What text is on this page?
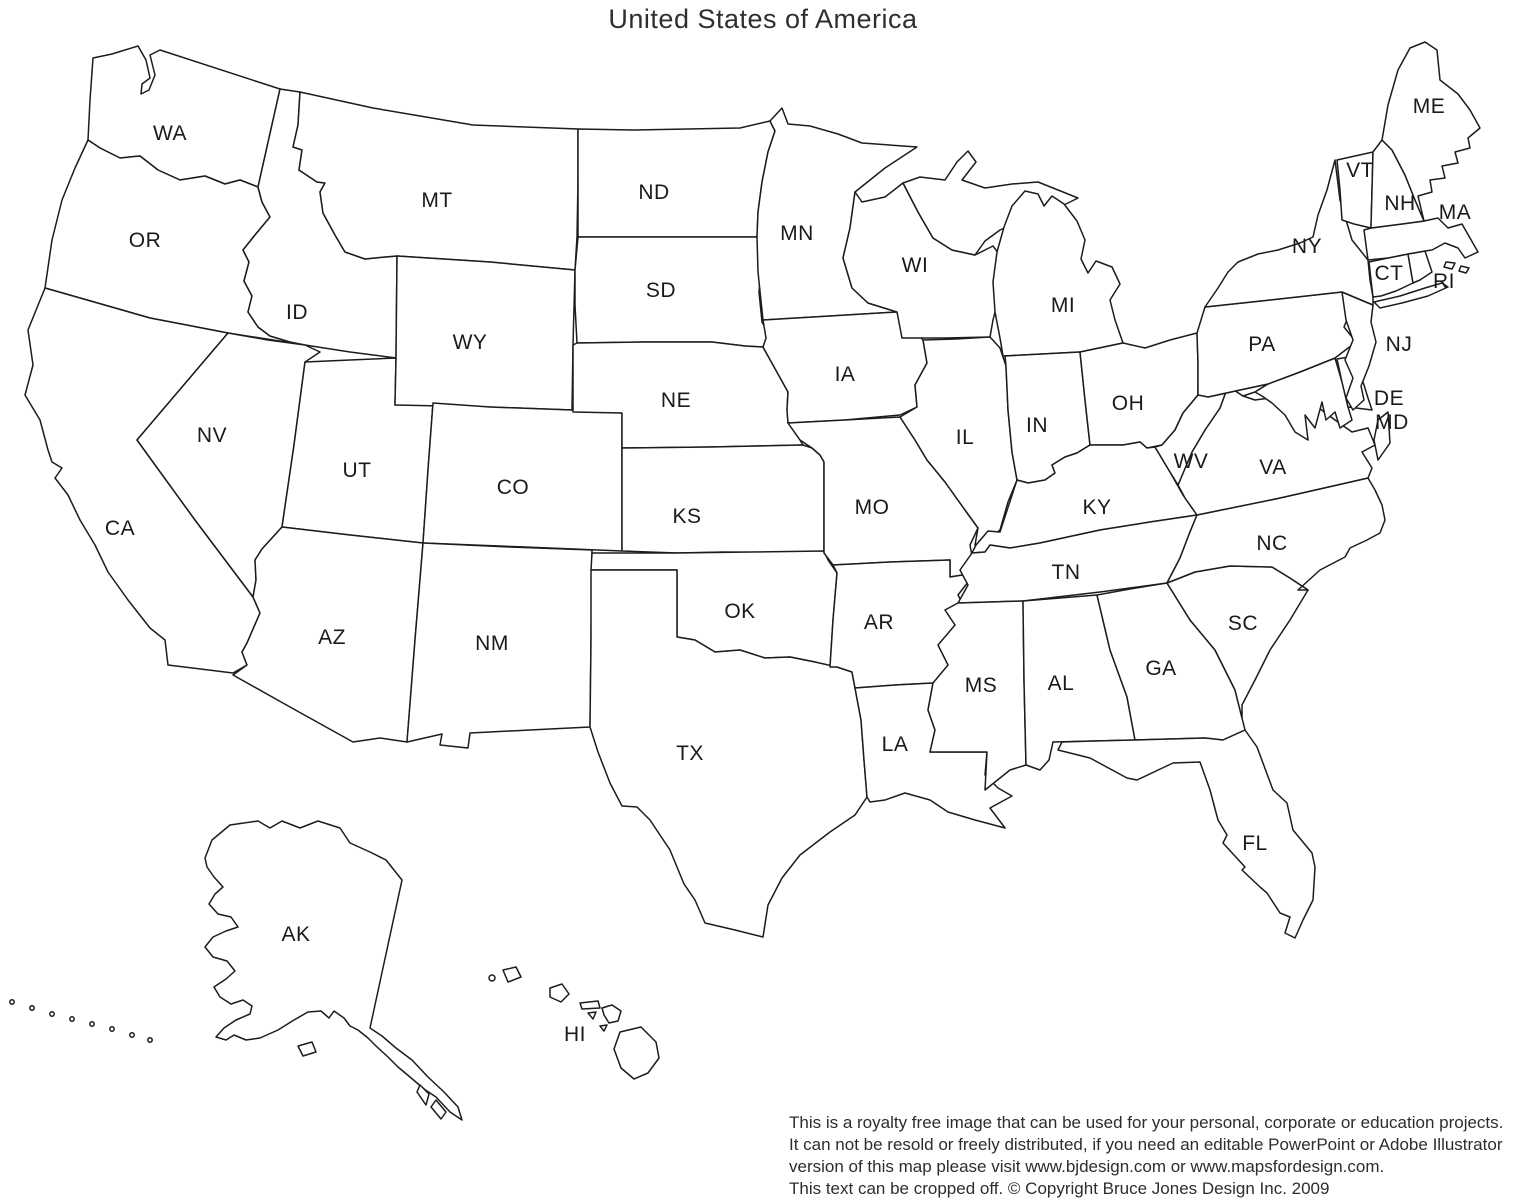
United States of America
WA
OR
CA
NV
ID
MT
WY
UT
CO
AZ	NM
ND
SD
NE
KS
OK
TX
MN
IA
MO
AR
LA
WI
IL
MI
IN
OH
KY
TN
MS AL
GA
FL
SC
NC
VA
WV
PA
NY
NJ
DE
MD
CT RI
MA
VT
NH
ME
AK
HI
This is a royalty free image that can be used for your personal, corporate or education projects.
It can not be resold or freely distributed, if you need an editable PowerPoint or Adobe Illustrator
version of this map please visit www.bjdesign.com or www.mapsfordesign.com.
This text can be cropped off. © Copyright Bruce Jones Design Inc. 2009
